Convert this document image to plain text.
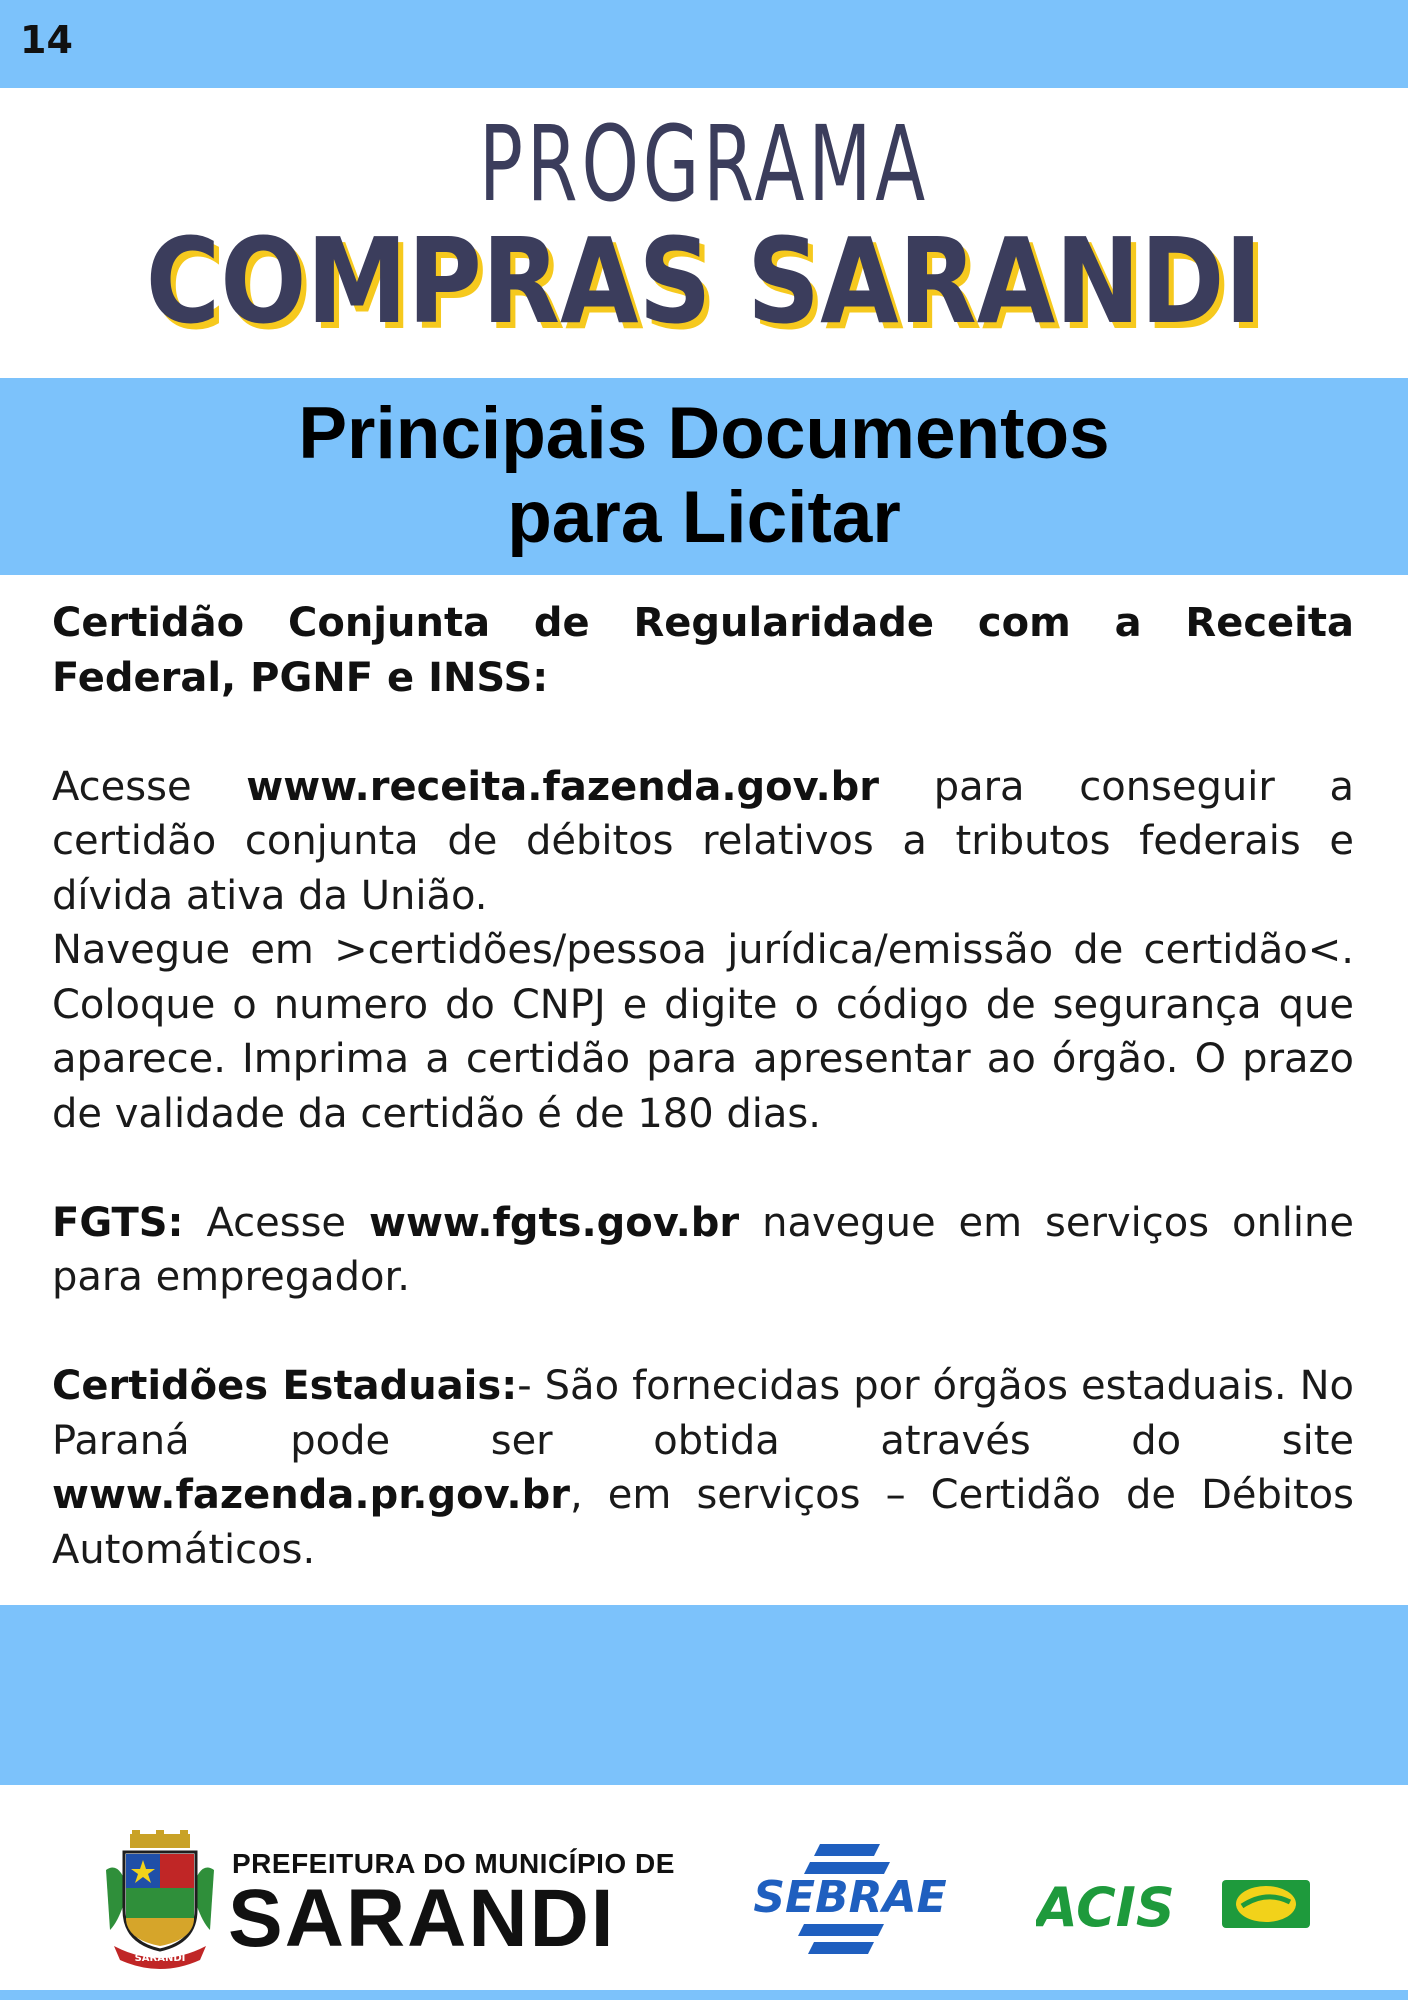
14
PROGRAMA
COMPRAS SARANDI
Principais Documentos
para Licitar

Certidão Conjunta de Regularidade com a Receita Federal, PGNF e INSS:

Acesse www.receita.fazenda.gov.br para conseguir a certidão conjunta de débitos relativos a tributos federais e dívida ativa da União.

Navegue em >certidões/pessoa jurídica/emissão de certidão<. Coloque o numero do CNPJ e digite o código de segurança que aparece. Imprima a certidão para apresentar ao órgão. O prazo de validade da certidão é de 180 dias.

FGTS: Acesse www.fgts.gov.br navegue em serviços online para empregador.

Certidões Estaduais:- São fornecidas por órgãos estaduais. No Paraná pode ser obtida através do site www.fazenda.pr.gov.br, em serviços – Certidão de Débitos Automáticos.

SARANDI
PREFEITURA DO MUNICÍPIO DE
SARANDI	SEBRAE ACIS
